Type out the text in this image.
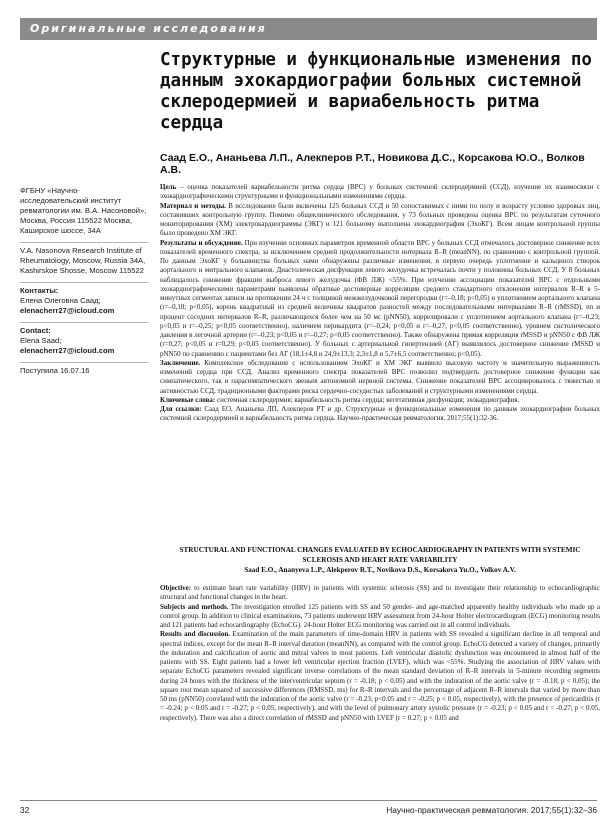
Оригинальные исследования
Структурные и функциональные изменения по данным эхокардиографии больных системной склеродермией и вариабельность ритма сердца
Саад Е.О., Ананьева Л.П., Алекперов Р.Т., Новикова Д.С., Корсакова Ю.О., Волков А.В.
ФГБНУ «Научно-исследовательский институт ревматологии им. В.А. Насоновой», Москва, Россия 115522 Москва, Каширское шоссе, 34А
V.A. Nasonova Research Institute of Rheumatology, Moscow, Russia 34A, Kashirskoe Shosse, Moscow 115522
Контакты:
Елена Олеговна Саад;
elenacherr27@icloud.com
Contact:
Elena Saad;
elenacherr27@icloud.com
Поступила 16.07.16

Цель – оценка показателей вариабельности ритма сердца (ВРС) у больных системной склеродермией (ССД), изучение их взаимосвязи с эхокардиографическими структурными и функциональными изменениями сердца.

Материал и методы. В исследование были включены 125 больных ССД и 50 сопоставимых с ними по полу и возрасту условно здоровых лиц, составивших контрольную группу. Помимо общеклинического обследования, у 73 больных проведена оценка ВРС по результатам суточного мониторирования (ХМ) электрокардиограммы (ЭКГ) и 121 больному выполнена эхокардиография (ЭхоКГ). Всем лицам контрольной группы было проведено ХМ ЭКГ.

Результаты и обсуждение. При изучении основных параметров временной области ВРС у больных ССД отмечалось достоверное снижение всех показателей временного спектра, за исключением средней продолжительности интервала R–R (meanNN), по сравнению с контрольной группой. По данным ЭхоКГ у большинства больных нами обнаружены различные изменения, в первую очередь уплотнение и кальциноз створок аортального и митрального клапанов. Диастолическая дисфункция левого желудочка встречалась почти у половины больных ССД. У 8 больных наблюдалось снижение фракции выброса левого желудочка (ФВ ЛЖ) <55%. При изучении ассоциации показателей ВРС с отдельными эхокардиографическими параметрами выявлены обратные достоверные корреляции среднего стандартного отклонения интервалов R–R в 5-минутных сегментах записи на протяжении 24 ч с толщиной межжелудочковой перегородки (r=–0,18; p<0,05) и уплотнением аортального клапана (r=–0,18; p<0,05), корень квадратный из средней величины квадратов разностей между последовательными интервалами R–R (rMSSD), nn и процент соседних интервалов R–R, различающихся более чем на 50 мс (pNN50), коррелировали с уплотнением аортального клапана (r=–0,23; p<0,05 и r=–0,25; p<0,05 соответственно), наличием перикардита (r=–0,24; p<0,05 и r=–0,27; p<0,05 соответственно), уровнем систолического давления в легочной артерии (r=–0,23; p<0,05 и r=–0,27; p<0,05 соответственно). Также обнаружена прямая корреляция rMSSD и pNN50 с ФВ ЛЖ (r=0,27; p<0,05 и r=0,29; p<0,05 соответственно). У больных с артериальной гипертензией (АГ) выявлялось достоверное снижение rMSSD и pNN50 по сравнению с пациентами без АГ (18,1±4,8 и 24,9±13,3; 2,3±1,8 и 5,7±6,5 соответственно; p<0,05).

Заключение. Комплексное обследование с использованием ЭхоКГ и ХМ ЭКГ выявило высокую частоту и значительную выраженность изменений сердца при ССД. Анализ временного спектра показателей ВРС позволил подтвердить достоверное снижение функции как симпатического, так и парасимпатического звеньев автономной нервной системы. Снижение показателей ВРС ассоциировалось с тяжестью и активностью ССД, традиционными факторами риска сердечно-сосудистых заболеваний и структурными изменениями сердца.

Ключевые слова: системная склеродермия; вариабельность ритма сердца; вегетативная дисфункция; эхокардиография.

Для ссылки: Саад ЕО, Ананьева ЛП, Алекперов РТ и др. Структурные и функциональные изменения по данным эхокардиографии больных системной склеродермией и вариабельность ритма сердца. Научно-практическая ревматология. 2017;55(1):32-36.

STRUCTURAL AND FUNCTIONAL CHANGES EVALUATED BY ECHOCARDIOGRAPHY IN PATIENTS WITH SYSTEMIC SCLEROSIS AND HEART RATE VARIABILITY
Saad E.O., Ananyeva L.P., Alekperov R.T., Novikova D.S., Korsakova Yu.O., Volkov A.V.

Objective: to estimate heart rate variability (HRV) in patients with systemic sclerosis (SS) and to investigate their relationship to echocardiographic structural and functional changes in the heart.

Subjects and methods. The investigation enrolled 125 patients with SS and 50 gender- and age-matched apparently healthy individuals who made up a control group. In addition to clinical examinations, 73 patients underwent HRV assessment from 24-hour Holter electrocardiogram (ECG) monitoring results and 121 patients had echocardiography (EchoCG). 24-hour Holter ECG monitoring was carried out in all control individuals.

Results and discussion. Examination of the main parameters of time-domain HRV in patients with SS revealed a significant decline in all temporal and spectral indices, except for the mean R–R interval duration (meanNN), as compared with the control group. EchoCG detected a variety of changes, primarily the induration and calcification of aortic and mitral valves in most patients. Left ventricular diastolic dysfunction was encountered in almost half of the patients with SS. Eight patients had a lower left ventricular ejection fraction (LVEF), which was <55%. Studying the association of HRV values with separate EchoCG parameters revealed significant inverse correlations of the mean standard deviation of R–R intervals in 5-minute recording segments during 24 hours with the thickness of the interventricular septum (r = -0.18; p < 0.05) and with the induration of the aortic valve (r = -0.18; p < 0.05); the square root mean squared of successive differences (RMSSD, ms) for R–R intervals and the percentage of adjacent R–R intervals that varied by more than 50 ms (pNN50) correlated with the induration of the aortic valve (r = -0.23; p<0.05 and r = -0.25; p < 0.05, respectively), with the presence of pericarditis (r = -0.24; p < 0.05 and r = -0.27; p < 0.05, respectively), and with the level of pulmonary artery systolic pressure (r = -0.23; p < 0.05 and r = -0.27; p < 0.05, respectively). There was also a direct correlation of rMSSD and pNN50 with LVEF (r = 0.27; p < 0.05 and

32	Научно-практическая ревматология. 2017;55(1):32–36
